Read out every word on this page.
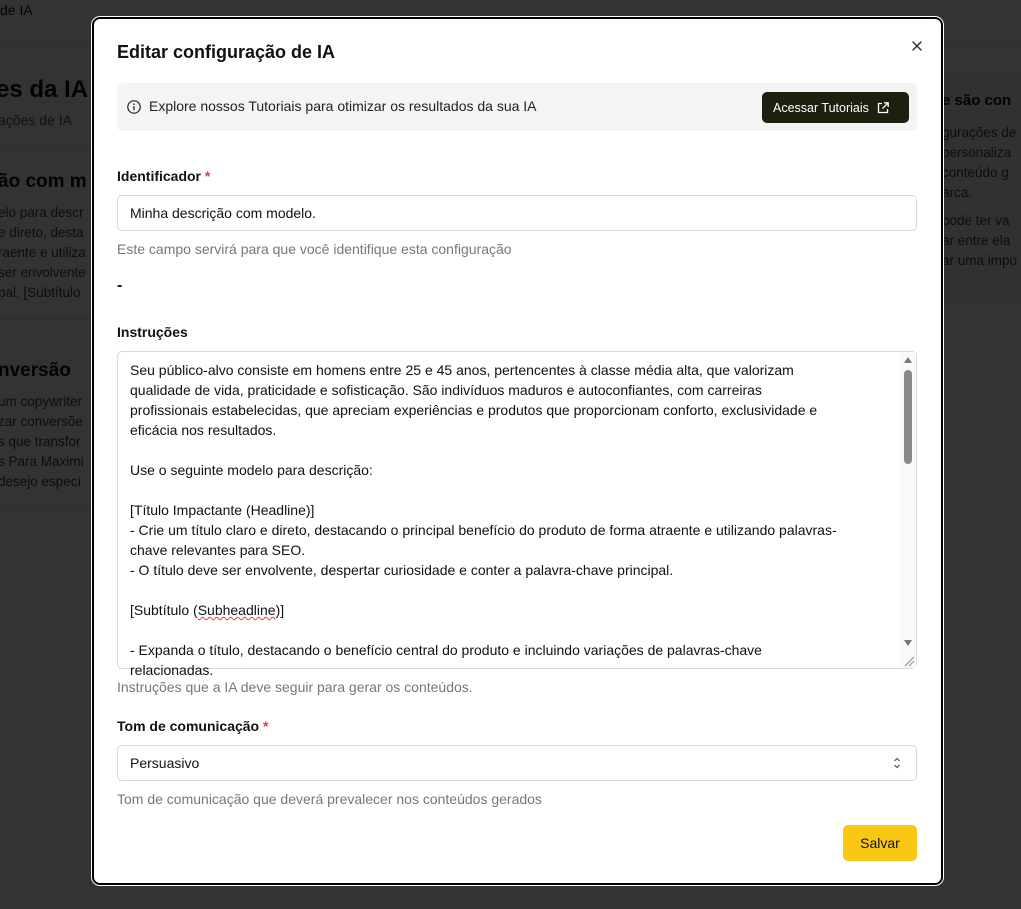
Editar configuração de IA
Explore nossos Tutoriais para otimizar os resultados da sua IA	Acessar Tutoriais
Identificador *
Minha descrição com modelo.
Este campo servirá para que você identifique esta configuração
-
Instruções
Seu público-alvo consiste em homens entre 25 e 45 anos, pertencentes à classe média alta, que valorizam
qualidade de vida, praticidade e sofisticação. São indivíduos maduros e autoconfiantes, com carreiras
profissionais estabelecidas, que apreciam experiências e produtos que proporcionam conforto, exclusividade e
eficácia nos resultados.
Use o seguinte modelo para descrição:
[Título Impactante (Headline)]
- Crie um título claro e direto, destacando o principal benefício do produto de forma atraente e utilizando palavras-
chave relevantes para SEO.
- O título deve ser envolvente, despertar curiosidade e conter a palavra-chave principal.
[Subtítulo (Subheadline)]
- Expanda o título, destacando o benefício central do produto e incluindo variações de palavras-chave
relacionadas.
Instruções que a IA deve seguir para gerar os conteúdos.
Tom de comunicação *
Persuasivo
Tom de comunicação que deverá prevalecer nos conteúdos gerados
Salvar
